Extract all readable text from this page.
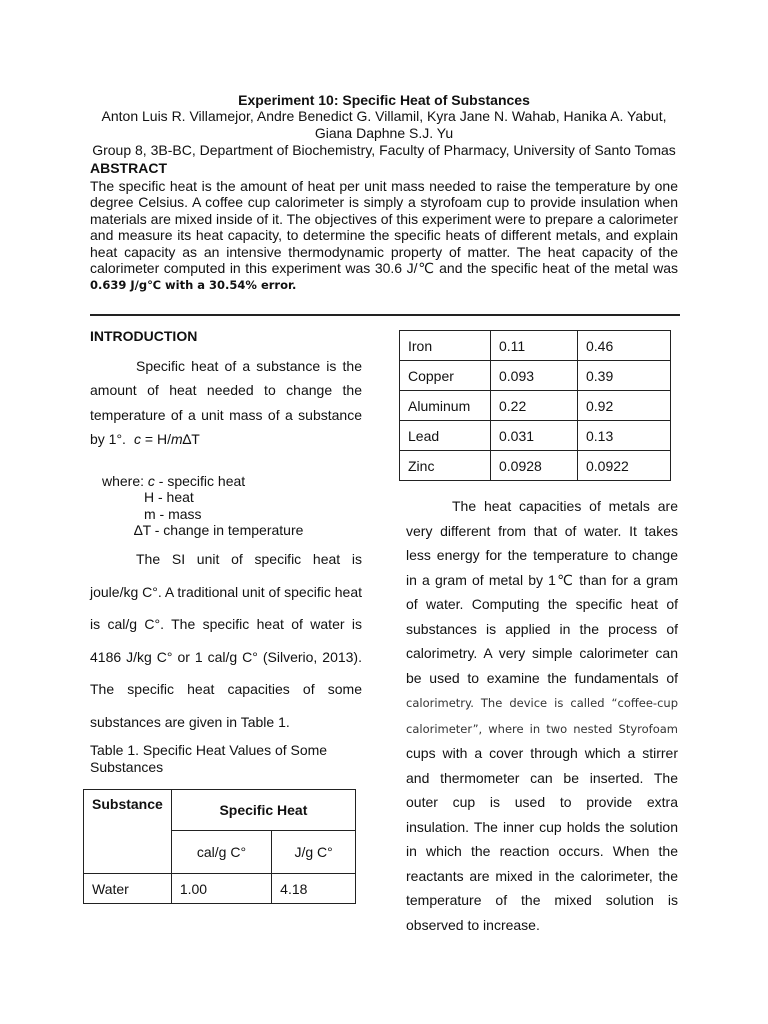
Experiment 10: Specific Heat of Substances
Anton Luis R. Villamejor, Andre Benedict G. Villamil, Kyra Jane N. Wahab, Hanika A. Yabut, Giana Daphne S.J. Yu
Group 8, 3B-BC, Department of Biochemistry, Faculty of Pharmacy, University of Santo Tomas
ABSTRACT
The specific heat is the amount of heat per unit mass needed to raise the temperature by one degree Celsius. A coffee cup calorimeter is simply a styrofoam cup to provide insulation when materials are mixed inside of it. The objectives of this experiment were to prepare a calorimeter and measure its heat capacity, to determine the specific heats of different metals, and explain heat capacity as an intensive thermodynamic property of matter. The heat capacity of the calorimeter computed in this experiment was 30.6 J/℃ and the specific heat of the metal was 0.639 J/g℃ with a 30.54% error.
INTRODUCTION
Specific heat of a substance is the amount of heat needed to change the temperature of a unit mass of a substance by 1°. c = H/m∆T
where: c - specific heat
H - heat
m - mass
∆T - change in temperature
The SI unit of specific heat is
joule/kg C°. A traditional unit of specific heat is cal/g C°. The specific heat of water is 4186 J/kg C° or 1 cal/g C° (Silverio, 2013). The specific heat capacities of some substances are given in Table 1.
Table 1. Specific Heat Values of Some Substances
Substance	Specific Heat	
	cal/g C°	J/g C°
Water	1.00	4.18
Iron	0.11	0.46
Copper	0.093	0.39
Aluminum	0.22	0.92
Lead	0.031	0.13
Zinc	0.0928	0.0922
The heat capacities of metals are very different from that of water. It takes less energy for the temperature to change in a gram of metal by 1℃ than for a gram of water. Computing the specific heat of substances is applied in the process of calorimetry. A very simple calorimeter can be used to examine the fundamentals of calorimetry. The device is called “coffee-cup calorimeter”, where in two nested Styrofoam cups with a cover through which a stirrer and thermometer can be inserted. The outer cup is used to provide extra insulation. The inner cup holds the solution in which the reaction occurs. When the reactants are mixed in the calorimeter, the temperature of the mixed solution is observed to increase.
